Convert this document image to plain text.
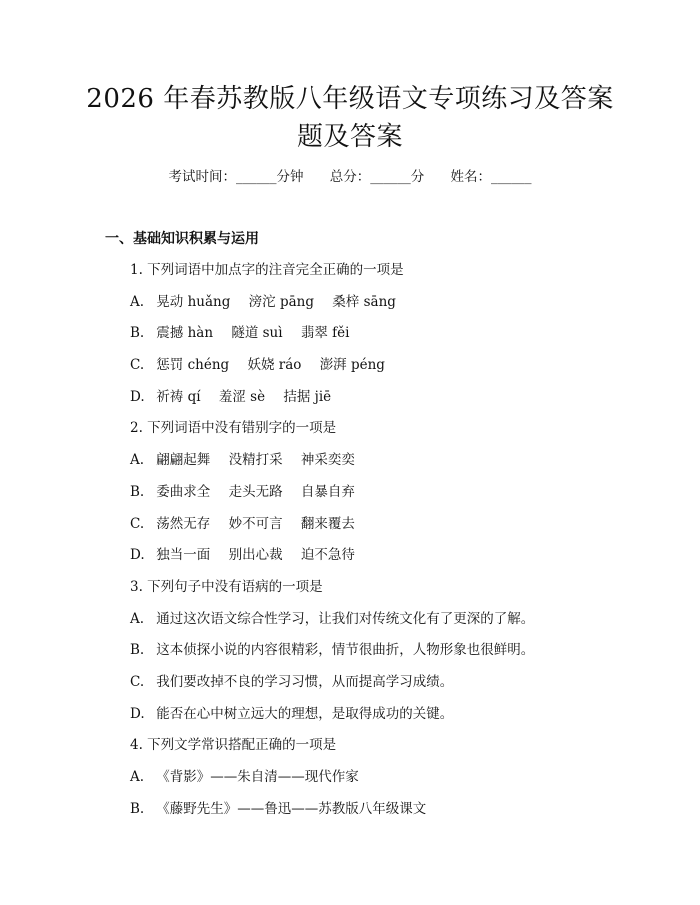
2026 年春苏教版八年级语文专项练习及答案
题及答案
考试时间：______分钟 总分：______分 姓名：______
一、基础知识积累与运用
1. 下列词语中加点字的注音完全正确的一项是
A. 晃动 huǎng 滂沱 pāng 桑梓 sāng
B. 震撼 hàn 隧道 suì 翡翠 fěi
C. 惩罚 chéng 妖娆 ráo 澎湃 péng
D. 祈祷 qí 羞涩 sè 拮据 jiē
2. 下列词语中没有错别字的一项是
A. 翩翩起舞 没精打采 神采奕奕
B. 委曲求全 走头无路 自暴自弃
C. 荡然无存 妙不可言 翻来覆去
D. 独当一面 别出心裁 迫不急待
3. 下列句子中没有语病的一项是
A. 通过这次语文综合性学习，让我们对传统文化有了更深的了解。
B. 这本侦探小说的内容很精彩，情节很曲折，人物形象也很鲜明。
C. 我们要改掉不良的学习习惯，从而提高学习成绩。
D. 能否在心中树立远大的理想，是取得成功的关键。
4. 下列文学常识搭配正确的一项是
A. 《背影》——朱自清——现代作家
B. 《藤野先生》——鲁迅——苏教版八年级课文
